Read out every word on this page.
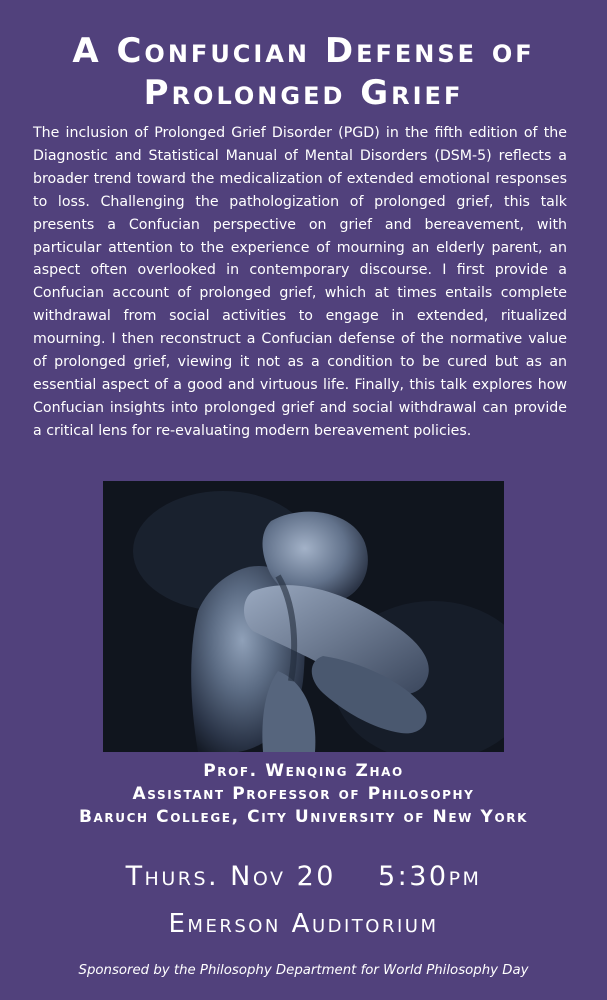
A Confucian Defense of
Prolonged Grief

The inclusion of Prolonged Grief Disorder (PGD) in the fifth edition of the Diagnostic and Statistical Manual of Mental Disorders (DSM-5) reflects a broader trend toward the medicalization of extended emotional responses to loss. Challenging the pathologization of prolonged grief, this talk presents a Confucian perspective on grief and bereavement, with particular attention to the experience of mourning an elderly parent, an aspect often overlooked in contemporary discourse. I first provide a Confucian account of prolonged grief, which at times entails complete withdrawal from social activities to engage in extended, ritualized mourning. I then reconstruct a Confucian defense of the normative value of prolonged grief, viewing it not as a condition to be cured but as an essential aspect of a good and virtuous life. Finally, this talk explores how Confucian insights into prolonged grief and social withdrawal can provide a critical lens for re-evaluating modern bereavement policies.

Prof. Wenqing Zhao
Assistant Professor of Philosophy
Baruch College, City University of New York
Thurs. Nov 20 5:30pm
Emerson Auditorium
Sponsored by the Philosophy Department for World Philosophy Day
